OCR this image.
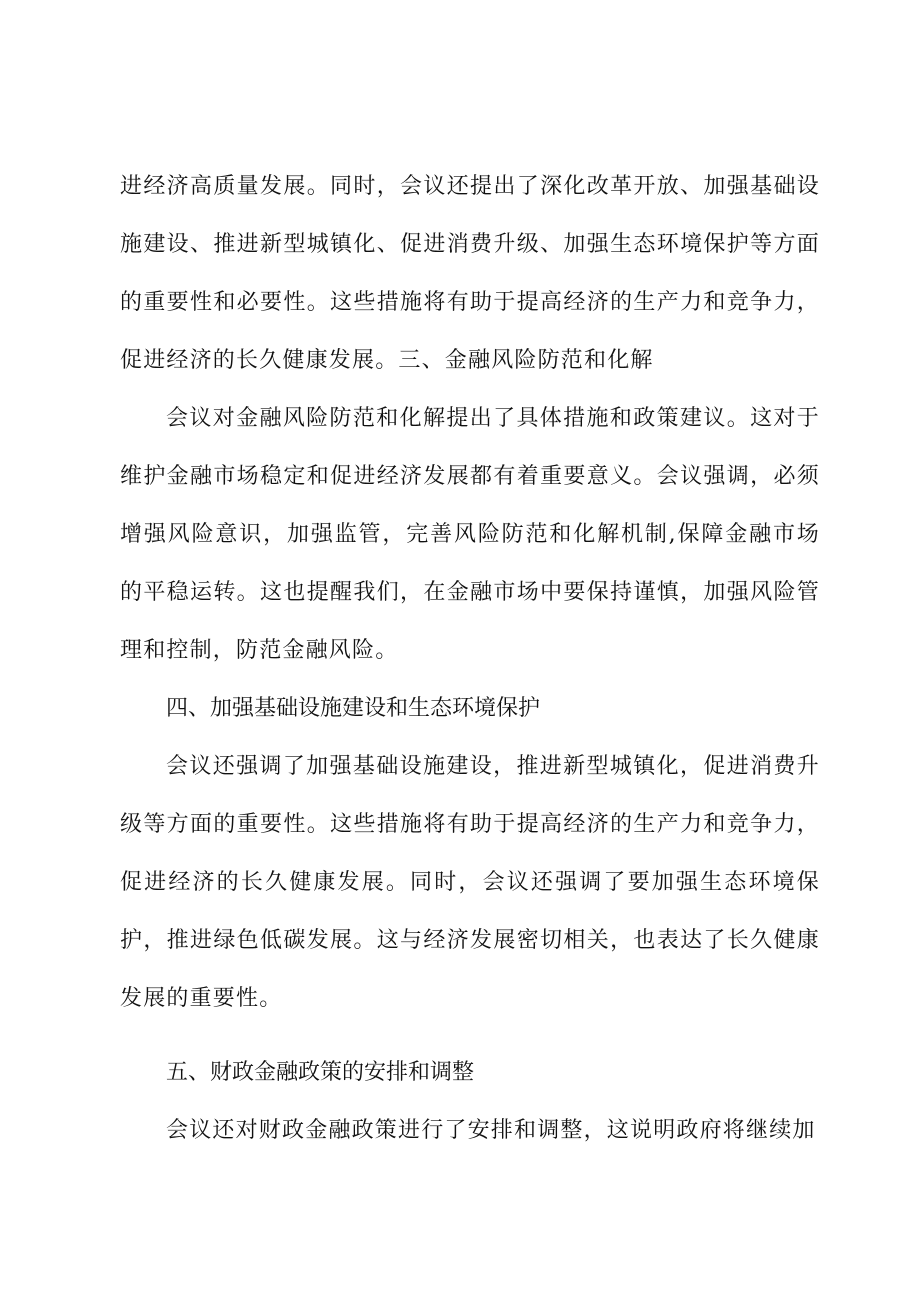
进经济高质量发展。同时，会议还提出了深化改革开放、加强基础设施建设、推进新型城镇化、促进消费升级、加强生态环境保护等方面的重要性和必要性。这些措施将有助于提高经济的生产力和竞争力，促进经济的长久健康发展。三、金融风险防范和化解

会议对金融风险防范和化解提出了具体措施和政策建议。这对于维护金融市场稳定和促进经济发展都有着重要意义。会议强调，必须增强风险意识，加强监管，完善风险防范和化解机制,保障金融市场的平稳运转。这也提醒我们，在金融市场中要保持谨慎，加强风险管理和控制，防范金融风险。

四、加强基础设施建设和生态环境保护

会议还强调了加强基础设施建设，推进新型城镇化，促进消费升级等方面的重要性。这些措施将有助于提高经济的生产力和竞争力，促进经济的长久健康发展。同时，会议还强调了要加强生态环境保护，推进绿色低碳发展。这与经济发展密切相关，也表达了长久健康发展的重要性。

五、财政金融政策的安排和调整

会议还对财政金融政策进行了安排和调整，这说明政府将继续加
